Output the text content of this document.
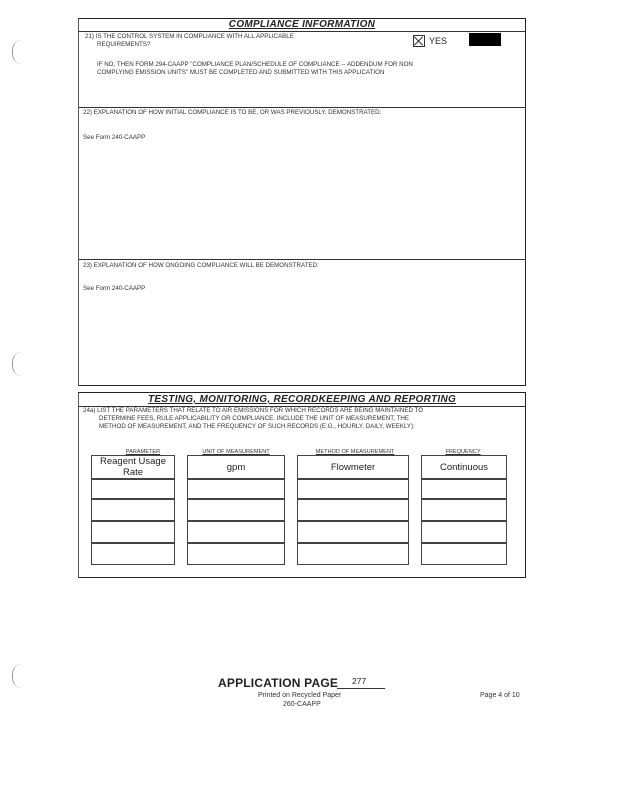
COMPLIANCE INFORMATION
21) IS THE CONTROL SYSTEM IN COMPLIANCE WITH ALL APPLICABLE
REQUIREMENTS?	YES
IF NO, THEN FORM 294-CAAPP "COMPLIANCE PLAN/SCHEDULE OF COMPLIANCE -- ADDENDUM FOR NON
COMPLYING EMISSION UNITS" MUST BE COMPLETED AND SUBMITTED WITH THIS APPLICATION
22) EXPLANATION OF HOW INITIAL COMPLIANCE IS TO BE, OR WAS PREVIOUSLY, DEMONSTRATED:
See Form 240-CAAPP
23) EXPLANATION OF HOW ONGOING COMPLIANCE WILL BE DEMONSTRATED:
See Form 240-CAAPP
TESTING, MONITORING, RECORDKEEPING AND REPORTING
24a) LIST THE PARAMETERS THAT RELATE TO AIR EMISSIONS FOR WHICH RECORDS ARE BEING MAINTAINED TO
DETERMINE FEES, RULE APPLICABILITY OR COMPLIANCE. INCLUDE THE UNIT OF MEASUREMENT, THE
METHOD OF MEASUREMENT, AND THE FREQUENCY OF SUCH RECORDS (E.G., HOURLY, DAILY, WEEKLY):
PARAMETER	UNIT OF MEASUREMENT	METHOD OF MEASUREMENT	FREQUENCY
Reagent Usage Rate	gpm	Flowmeter	Continuous
APPLICATION PAGE 277
Printed on Recycled Paper
260-CAAPP
Page 4 of 10
